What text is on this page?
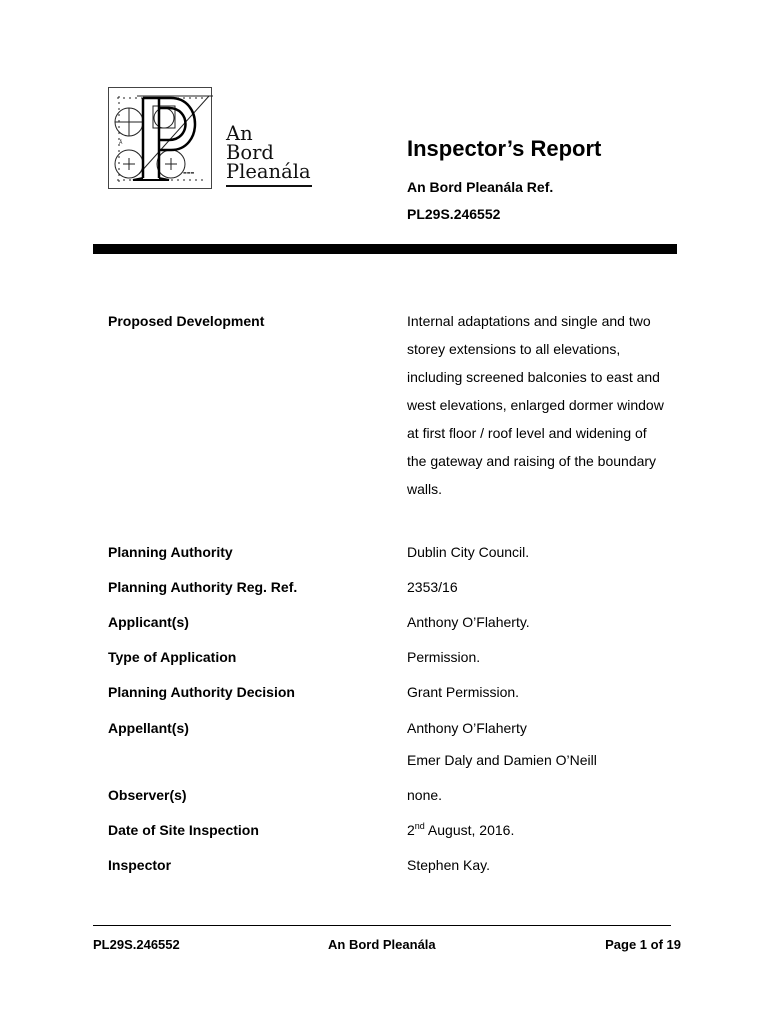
Å
▬▬▬
An
Bord
Pleanála
Inspector’s Report
An Bord Pleanála Ref.
PL29S.246552
Proposed Development	Internal adaptations and single and two storey extensions to all elevations, including screened balconies to east and west elevations, enlarged dormer window at first floor / roof level and widening of the gateway and raising of the boundary walls.
Planning Authority	Dublin City Council.
Planning Authority Reg. Ref.	2353/16
Applicant(s)	Anthony O’Flaherty.
Type of Application	Permission.
Planning Authority Decision	Grant Permission.
Appellant(s)	Anthony O’Flaherty

Emer Daly and Damien O’Neill

Observer(s)	none.
Date of Site Inspection	2nd August, 2016.
Inspector	Stephen Kay.
PL29S.246552	An Bord Pleanála	Page 1 of 19
